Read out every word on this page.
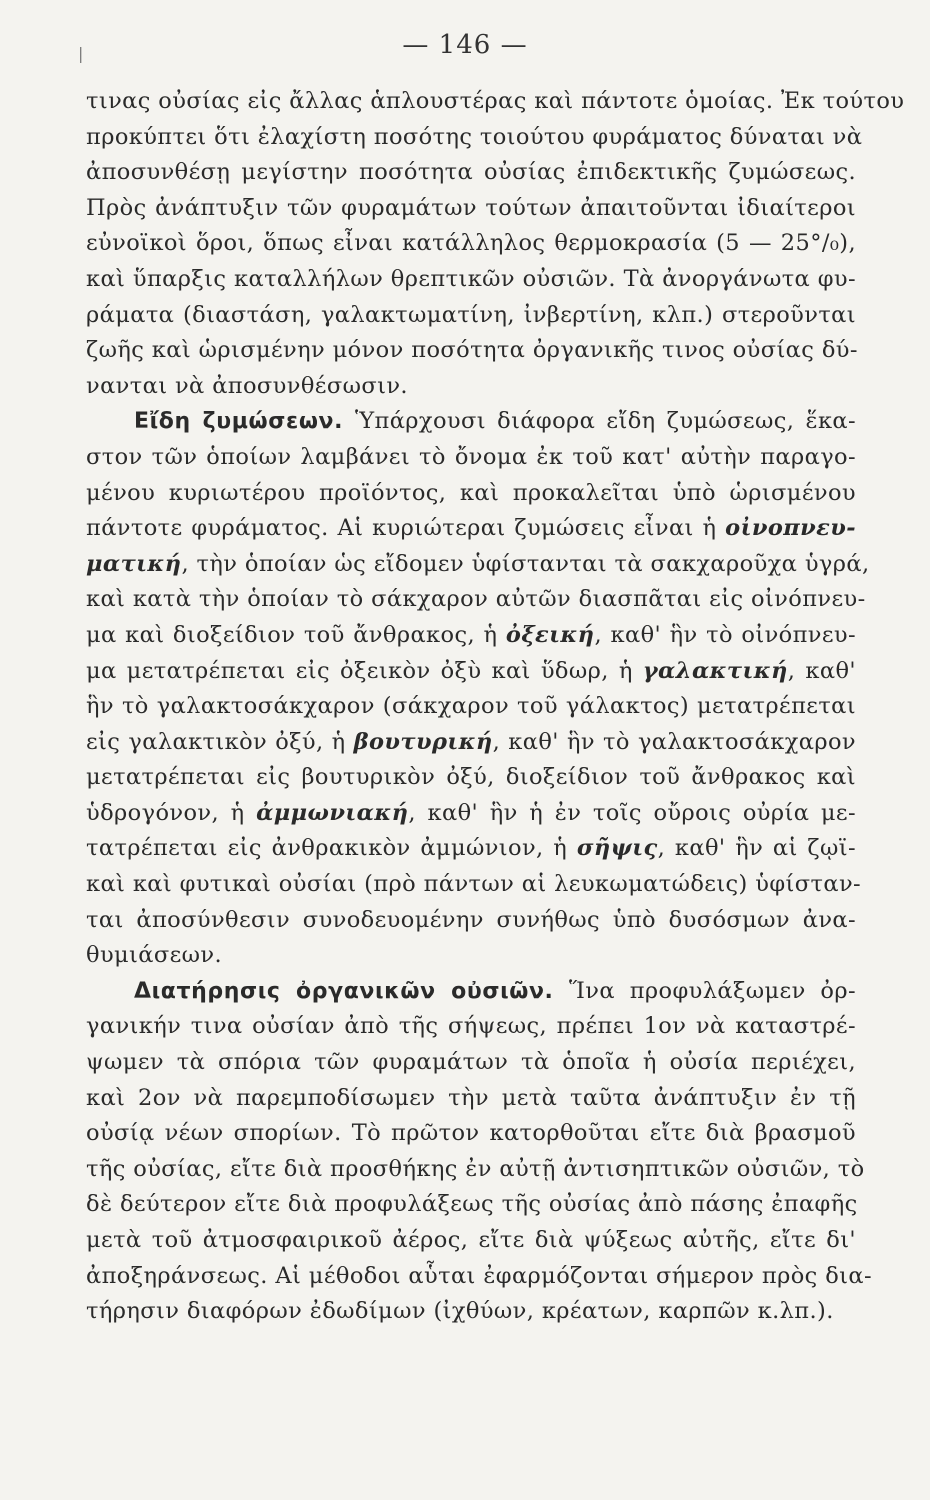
— 146 —
|
τινας οὐσίας εἰς ἄλλας ἁπλουστέρας καὶ πάντοτε ὁμοίας. Ἐκ τούτου
προκύπτει ὅτι ἐλαχίστη ποσότης τοιούτου φυράματος δύναται νὰ
ἀποσυνθέσῃ μεγίστην ποσότητα οὐσίας ἐπιδεκτικῆς ζυμώσεως.
Πρὸς ἀνάπτυξιν τῶν φυραμάτων τούτων ἀπαιτοῦνται ἰδιαίτεροι
εὐνοϊκοὶ ὅροι, ὅπως εἶναι κατάλληλος θερμοκρασία (5 — 25°/₀),
καὶ ὕπαρξις καταλλήλων θρεπτικῶν οὐσιῶν. Τὰ ἀνοργάνωτα φυ-
ράματα (διαστάση, γαλακτωματίνη, ἰνβερτίνη, κλπ.) στεροῦνται
ζωῆς καὶ ὡρισμένην μόνον ποσότητα ὀργανικῆς τινος οὐσίας δύ-
νανται νὰ ἀποσυνθέσωσιν.
Εἴδη ζυμώσεων. Ὑπάρχουσι διάφορα εἴδη ζυμώσεως, ἕκα-
στον τῶν ὁποίων λαμβάνει τὸ ὄνομα ἐκ τοῦ κατ' αὐτὴν παραγο-
μένου κυριωτέρου προϊόντος, καὶ προκαλεῖται ὑπὸ ὡρισμένου
πάντοτε φυράματος. Αἱ κυριώτεραι ζυμώσεις εἶναι ἡ οἰνοπνευ-
ματική, τὴν ὁποίαν ὡς εἴδομεν ὑφίστανται τὰ σακχαροῦχα ὑγρά,
καὶ κατὰ τὴν ὁποίαν τὸ σάκχαρον αὐτῶν διασπᾶται εἰς οἰνόπνευ-
μα καὶ διοξείδιον τοῦ ἄνθρακος, ἡ ὀξεική, καθ' ἣν τὸ οἰνόπνευ-
μα μετατρέπεται εἰς ὀξεικὸν ὀξὺ καὶ ὕδωρ, ἡ γαλακτική, καθ'
ἣν τὸ γαλακτοσάκχαρον (σάκχαρον τοῦ γάλακτος) μετατρέπεται
εἰς γαλακτικὸν ὀξύ, ἡ βουτυρική, καθ' ἣν τὸ γαλακτοσάκχαρον
μετατρέπεται εἰς βουτυρικὸν ὀξύ, διοξείδιον τοῦ ἄνθρακος καὶ
ὑδρογόνον, ἡ ἀμμωνιακή, καθ' ἣν ἡ ἐν τοῖς οὔροις οὐρία με-
τατρέπεται εἰς ἀνθρακικὸν ἀμμώνιον, ἡ σῆψις, καθ' ἣν αἱ ζῳϊ-
καὶ καὶ φυτικαὶ οὐσίαι (πρὸ πάντων αἱ λευκωματώδεις) ὑφίσταν-
ται ἀποσύνθεσιν συνοδευομένην συνήθως ὑπὸ δυσόσμων ἀνα-
θυμιάσεων.
Διατήρησις ὀργανικῶν οὐσιῶν. Ἵνα προφυλάξωμεν ὀρ-
γανικήν τινα οὐσίαν ἀπὸ τῆς σήψεως, πρέπει 1ον νὰ καταστρέ-
ψωμεν τὰ σπόρια τῶν φυραμάτων τὰ ὁποῖα ἡ οὐσία περιέχει,
καὶ 2ον νὰ παρεμποδίσωμεν τὴν μετὰ ταῦτα ἀνάπτυξιν ἐν τῇ
οὐσίᾳ νέων σπορίων. Τὸ πρῶτον κατορθοῦται εἴτε διὰ βρασμοῦ
τῆς οὐσίας, εἴτε διὰ προσθήκης ἐν αὐτῇ ἀντισηπτικῶν οὐσιῶν, τὸ
δὲ δεύτερον εἴτε διὰ προφυλάξεως τῆς οὐσίας ἀπὸ πάσης ἐπαφῆς
μετὰ τοῦ ἀτμοσφαιρικοῦ ἀέρος, εἴτε διὰ ψύξεως αὐτῆς, εἴτε δι'
ἀποξηράνσεως. Αἱ μέθοδοι αὗται ἐφαρμόζονται σήμερον πρὸς δια-
τήρησιν διαφόρων ἐδωδίμων (ἰχθύων, κρέατων, καρπῶν κ.λπ.).
